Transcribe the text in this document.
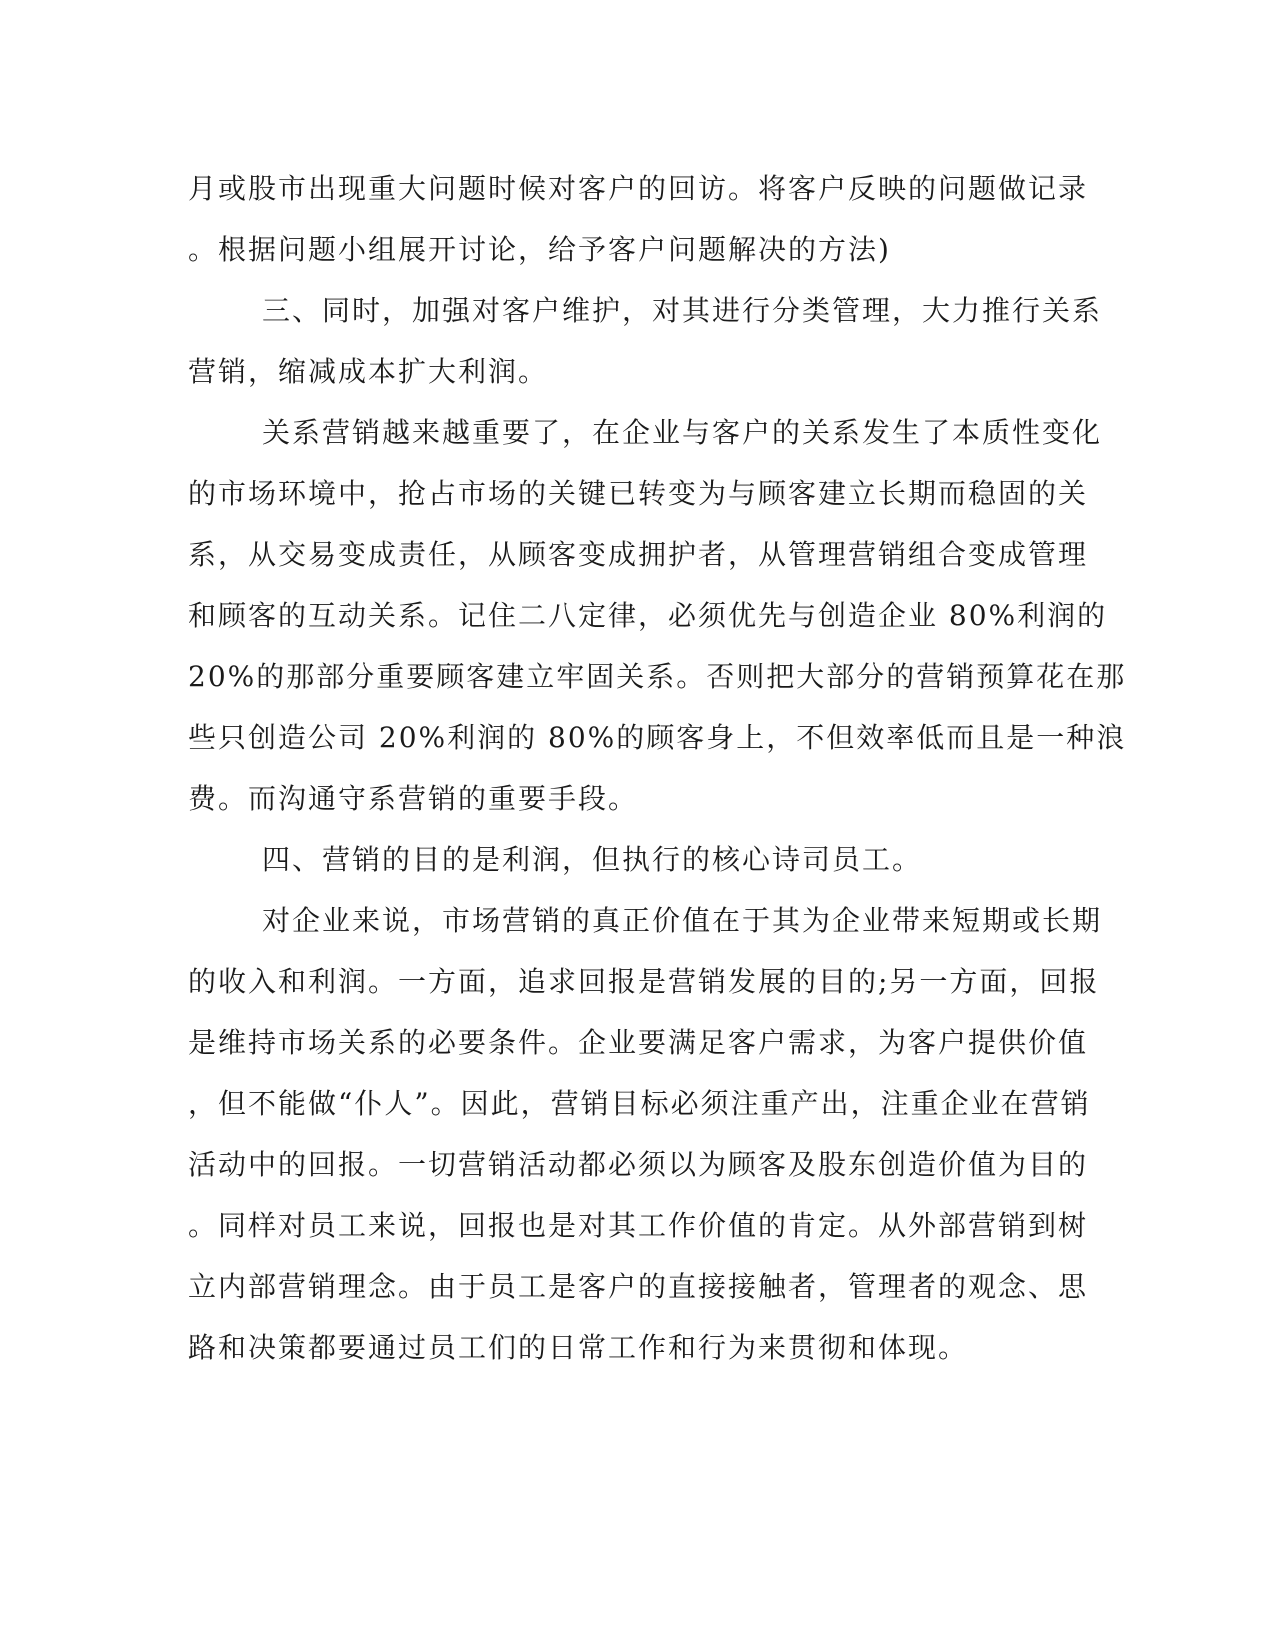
月或股市出现重大问题时候对客户的回访。将客户反映的问题做记录
。根据问题小组展开讨论，给予客户问题解决的方法)
三、同时，加强对客户维护，对其进行分类管理，大力推行关系
营销，缩减成本扩大利润。
关系营销越来越重要了，在企业与客户的关系发生了本质性变化
的市场环境中，抢占市场的关键已转变为与顾客建立长期而稳固的关
系，从交易变成责任，从顾客变成拥护者，从管理营销组合变成管理
和顾客的互动关系。记住二八定律，必须优先与创造企业 80%利润的
20%的那部分重要顾客建立牢固关系。否则把大部分的营销预算花在那
些只创造公司 20%利润的 80%的顾客身上，不但效率低而且是一种浪
费。而沟通守系营销的重要手段。
四、营销的目的是利润，但执行的核心诗司员工。
对企业来说，市场营销的真正价值在于其为企业带来短期或长期
的收入和利润。一方面，追求回报是营销发展的目的;另一方面，回报
是维持市场关系的必要条件。企业要满足客户需求，为客户提供价值
，但不能做“仆人”。因此，营销目标必须注重产出，注重企业在营销
活动中的回报。一切营销活动都必须以为顾客及股东创造价值为目的
。同样对员工来说，回报也是对其工作价值的肯定。从外部营销到树
立内部营销理念。由于员工是客户的直接接触者，管理者的观念、思
路和决策都要通过员工们的日常工作和行为来贯彻和体现。
